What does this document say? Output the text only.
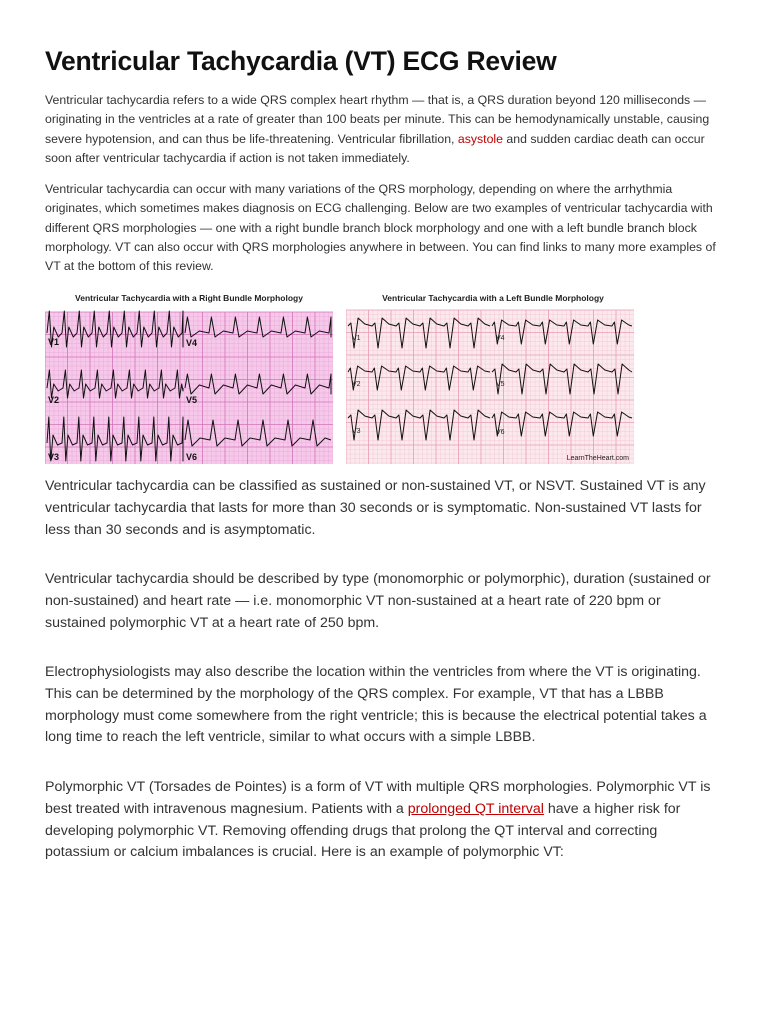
Ventricular Tachycardia (VT) ECG Review

Ventricular tachycardia refers to a wide QRS complex heart rhythm — that is, a QRS duration beyond 120 milliseconds — originating in the ventricles at a rate of greater than 100 beats per minute. This can be hemodynamically unstable, causing severe hypotension, and can thus be life-threatening. Ventricular fibrillation, asystole and sudden cardiac death can occur soon after ventricular tachycardia if action is not taken immediately.

Ventricular tachycardia can occur with many variations of the QRS morphology, depending on where the arrhythmia originates, which sometimes makes diagnosis on ECG challenging. Below are two examples of ventricular tachycardia with different QRS morphologies — one with a right bundle branch block morphology and one with a left bundle branch block morphology. VT can also occur with QRS morphologies anywhere in between. You can find links to many more examples of VT at the bottom of this review.

Ventricular tachycardia can be classified as sustained or non-sustained VT, or NSVT. Sustained VT is any ventricular tachycardia that lasts for more than 30 seconds or is symptomatic. Non-sustained VT lasts for less than 30 seconds and is asymptomatic.

Ventricular tachycardia should be described by type (monomorphic or polymorphic), duration (sustained or non-sustained) and heart rate — i.e. monomorphic VT non-sustained at a heart rate of 220 bpm or sustained polymorphic VT at a heart rate of 250 bpm.

Electrophysiologists may also describe the location within the ventricles from where the VT is originating. This can be determined by the morphology of the QRS complex. For example, VT that has a LBBB morphology must come somewhere from the right ventricle; this is because the electrical potential takes a long time to reach the left ventricle, similar to what occurs with a simple LBBB.

Polymorphic VT (Torsades de Pointes) is a form of VT with multiple QRS morphologies. Polymorphic VT is best treated with intravenous magnesium. Patients with a prolonged QT interval have a higher risk for developing polymorphic VT. Removing offending drugs that prolong the QT interval and correcting potassium or calcium imbalances is crucial. Here is an example of polymorphic VT:

Ventricular Tachycardia with a Right Bundle Morphology
V1
V2
V3
V4
V5
V6
Ventricular Tachycardia with a Left Bundle Morphology
V1
V2
V3
V4
V5
V6
LearnTheHeart.com
